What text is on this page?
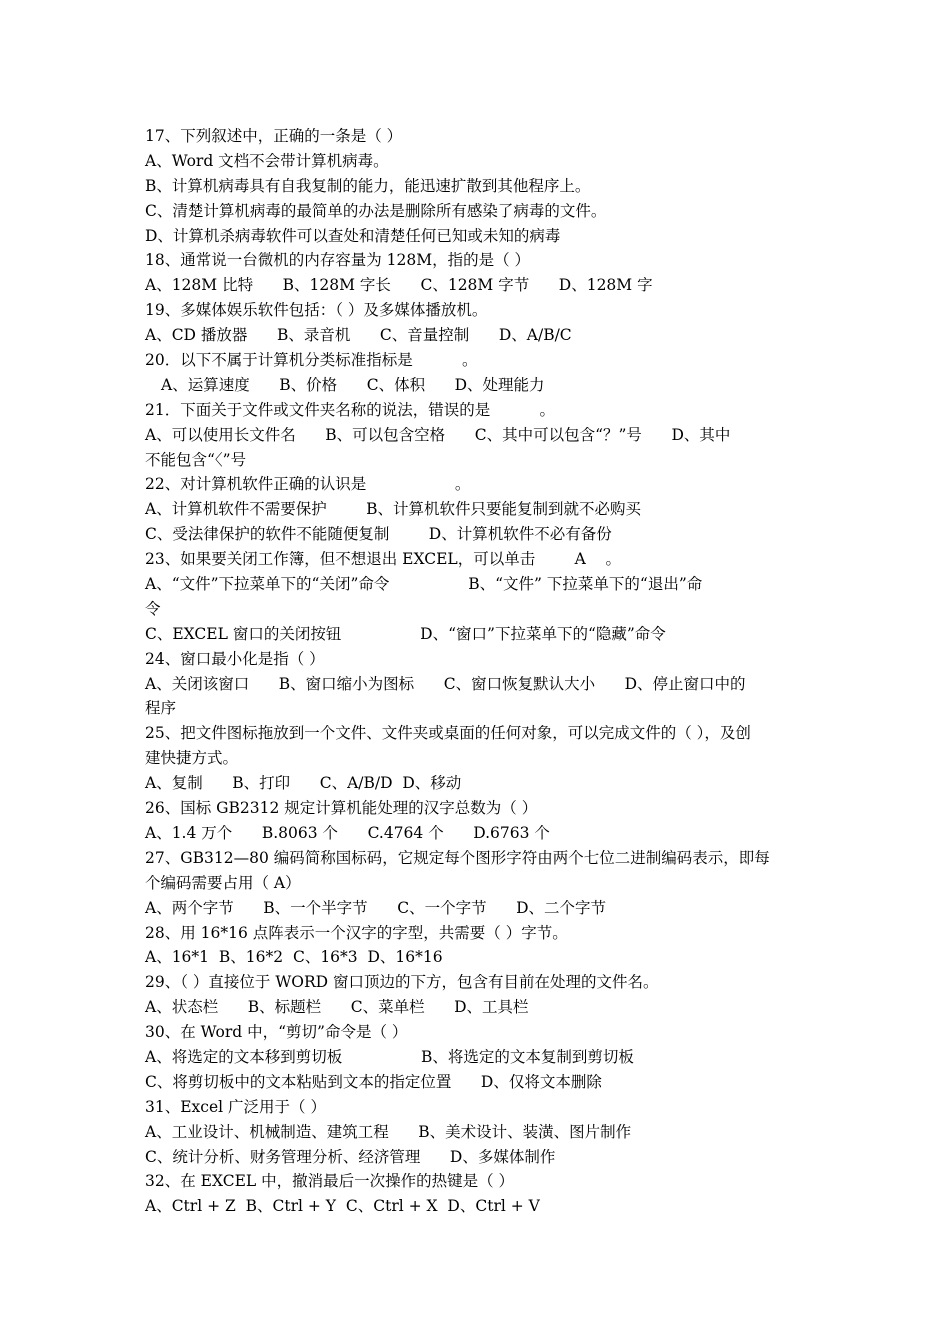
17、下列叙述中，正确的一条是（ ）
A、Word 文档不会带计算机病毒。
B、计算机病毒具有自我复制的能力，能迅速扩散到其他程序上。
C、清楚计算机病毒的最简单的办法是删除所有感染了病毒的文件。
D、计算机杀病毒软件可以查处和清楚任何已知或未知的病毒
18、通常说一台微机的内存容量为 128M，指的是（ ）
A、128M 比特      B、128M 字长      C、128M 字节      D、128M 字
19、多媒体娱乐软件包括：（ ）及多媒体播放机。
A、CD 播放器      B、录音机      C、音量控制      D、A/B/C
20．以下不属于计算机分类标准指标是          。
A、运算速度      B、价格      C、体积      D、处理能力
21．下面关于文件或文件夹名称的说法，错误的是          。
A、可以使用长文件名      B、可以包含空格      C、其中可以包含“？”号      D、其中
不能包含“〈”号
22、对计算机软件正确的认识是                  。
A、计算机软件不需要保护        B、计算机软件只要能复制到就不必购买
C、受法律保护的软件不能随便复制        D、计算机软件不必有备份
23、如果要关闭工作簿，但不想退出 EXCEL，可以单击        A    。
A、“文件”下拉菜单下的“关闭”命令                B、“文件” 下拉菜单下的“退出”命
令
C、EXCEL 窗口的关闭按钮                D、“窗口”下拉菜单下的“隐藏”命令
24、窗口最小化是指（ ）
A、关闭该窗口      B、窗口缩小为图标      C、窗口恢复默认大小      D、停止窗口中的
程序
25、把文件图标拖放到一个文件、文件夹或桌面的任何对象，可以完成文件的（ ），及创
建快捷方式。
A、复制      B、打印      C、A/B/D  D、移动
26、国标 GB2312 规定计算机能处理的汉字总数为（ ）
A、1.4 万个      B.8063 个      C.4764 个      D.6763 个
27、GB312—80 编码简称国标码，它规定每个图形字符由两个七位二进制编码表示，即每
个编码需要占用（ A）
A、两个字节      B、一个半字节      C、一个字节      D、二个字节
28、用 16*16 点阵表示一个汉字的字型，共需要（ ）字节。
A、16*1  B、16*2  C、16*3  D、16*16
29、（ ）直接位于 WORD 窗口顶边的下方，包含有目前在处理的文件名。
A、状态栏      B、标题栏      C、菜单栏      D、工具栏
30、在 Word 中，“剪切”命令是（ ）
A、将选定的文本移到剪切板                B、将选定的文本复制到剪切板
C、将剪切板中的文本粘贴到文本的指定位置      D、仅将文本删除
31、Excel 广泛用于（ ）
A、工业设计、机械制造、建筑工程      B、美术设计、装潢、图片制作
C、统计分析、财务管理分析、经济管理      D、多媒体制作
32、在 EXCEL 中，撤消最后一次操作的热键是（ ）
A、Ctrl + Z  B、Ctrl + Y  C、Ctrl + X  D、Ctrl + V
